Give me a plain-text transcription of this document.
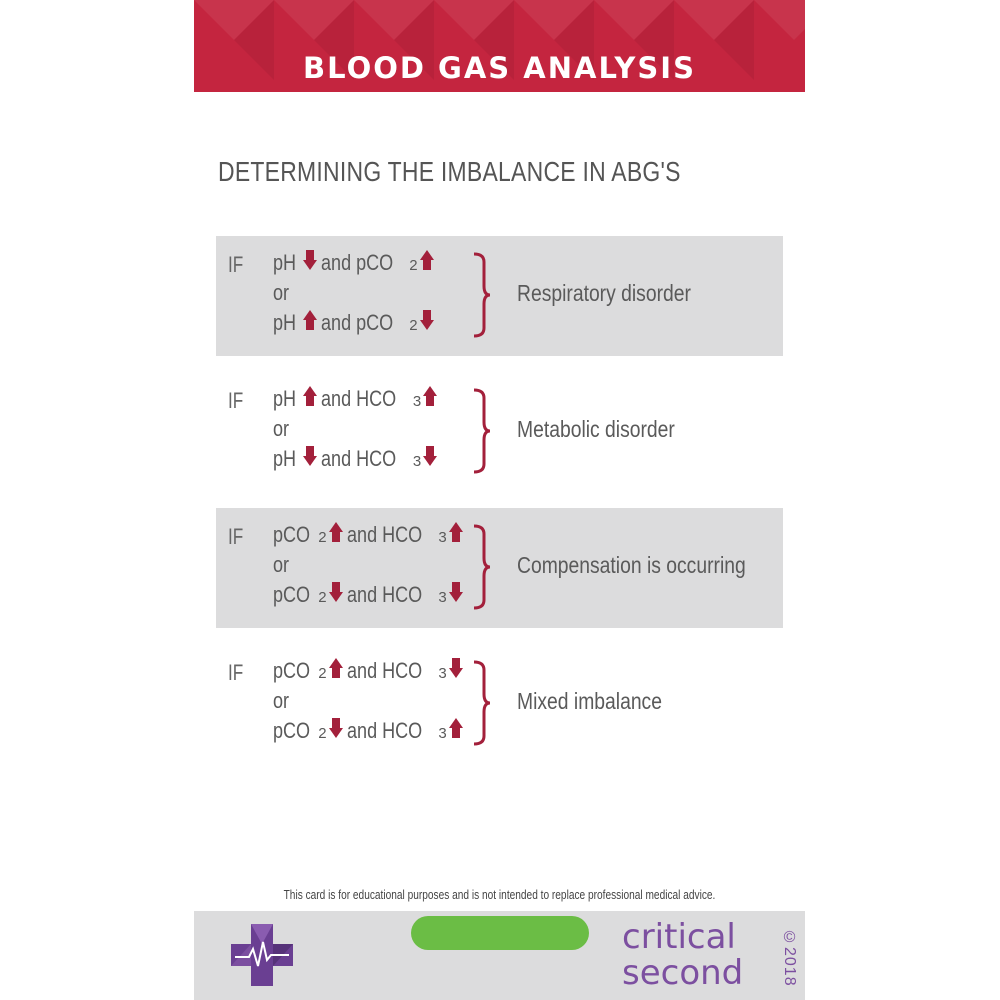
BLOOD GAS ANALYSIS
DETERMINING THE IMBALANCE IN ABG'S
IF pH and pCO 2
or
pH and pCO 2
Respiratory disorder
IF pH and HCO 3
or
pH and HCO 3
Metabolic disorder
IF pCO 2 and HCO 3
or
pCO 2 and HCO 3
Compensation is occurring
IF pCO 2 and HCO 3
or
pCO 2 and HCO 3
Mixed imbalance
This card is for educational purposes and is not intended to replace professional medical advice.
critical
second ©2018
